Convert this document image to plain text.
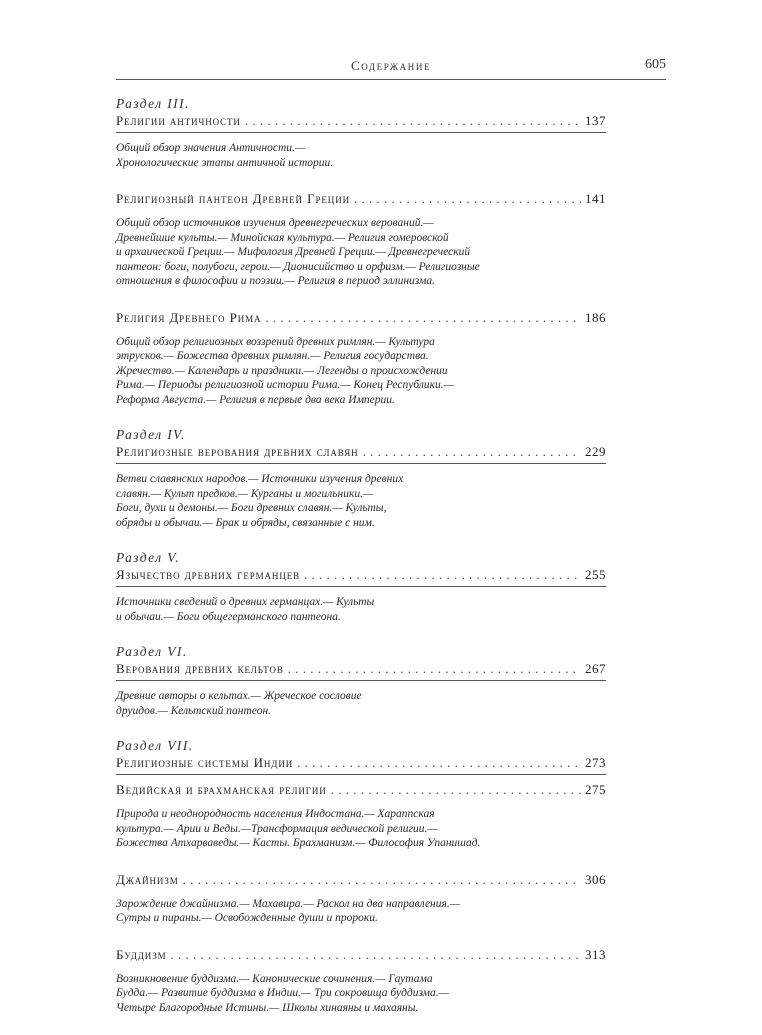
Содержание	605
Раздел III.
Религии античности . . .	137
Общий обзор значения Античности.—
Хронологические этапы античной истории.
Религиозный пантеон Древней Греции . . .	141
Общий обзор источников изучения древнегреческих верований.—
Древнейшие культы.— Минойская культура.— Религия гомеровской
и архаической Греции.— Мифология Древней Греции.— Древнегреческий
пантеон: боги, полубоги, герои.— Дионисийство и орфизм.— Религиозные
отношения в философии и поэзии.— Религия в период эллинизма.
Религия Древнего Рима . . .	186
Общий обзор религиозных воззрений древних римлян.— Культура
этрусков.— Божества древних римлян.— Религия государства.
Жречество.— Календарь и праздники.— Легенды о происхождении
Рима.— Периоды религиозной истории Рима.— Конец Республики.—
Реформа Августа.— Религия в первые два века Империи.
Раздел IV.
Религиозные верования древних славян . . .	229
Ветви славянских народов.— Источники изучения древних
славян.— Культ предков.— Курганы и могильники.—
Боги, духи и демоны.— Боги древних славян.— Культы,
обряды и обычаи.— Брак и обряды, связанные с ним.
Раздел V.
Язычество древних германцев . . .	255
Источники сведений о древних германцах.— Культы
и обычаи.— Боги общегерманского пантеона.
Раздел VI.
Верования древних кельтов . . .	267
Древние авторы о кельтах.— Жреческое сословие
друидов.— Кельтский пантеон.
Раздел VII.
Религиозные системы Индии . . .	273
Ведийская и брахманская религии . . .	275
Природа и неоднородность населения Индостана.— Хараппская
культура.— Арии и Веды.—Трансформация ведической религии.—
Божества Атхарваведы.— Касты. Брахманизм.— Философия Упанишад.
Джайнизм . . .	306
Зарождение джайнизма.— Махавира.— Раскол на два направления.—
Сутры и пираны.— Освобожденные души и пророки.
Буддизм . . .	313
Возникновение буддизма.— Канонические сочинения.— Гаутама
Будда.— Развитие буддизма в Индии.— Три сокровища буддизма.—
Четыре Благородные Истины.— Школы хинаяны и махаяны.
